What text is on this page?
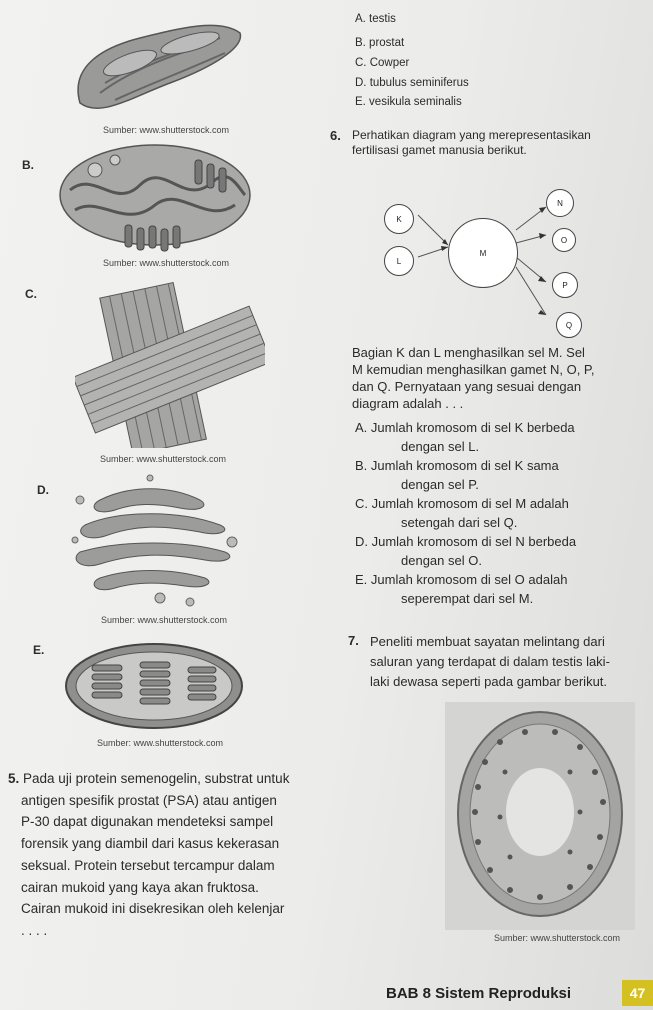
Sumber: www.shutterstock.com
B.
Sumber: www.shutterstock.com
C.
Sumber: www.shutterstock.com
D.
Sumber: www.shutterstock.com
E.
Sumber: www.shutterstock.com
A. testis
B. prostat
C. Cowper
D. tubulus seminiferus
E. vesikula seminalis
6. Perhatikan diagram yang merepresentasikan
fertilisasi gamet manusia berikut.
K
L
M
N
O
P
Q
Bagian K dan L menghasilkan sel M. Sel
M kemudian menghasilkan gamet N, O, P,
dan Q. Pernyataan yang sesuai dengan
diagram adalah . . .
A. Jumlah kromosom di sel K berbeda
dengan sel L.
B. Jumlah kromosom di sel K sama
dengan sel P.
C. Jumlah kromosom di sel M adalah
setengah dari sel Q.
D. Jumlah kromosom di sel N berbeda
dengan sel O.
E. Jumlah kromosom di sel O adalah
seperempat dari sel M.
7. Peneliti membuat sayatan melintang dari
saluran yang terdapat di dalam testis laki-
laki dewasa seperti pada gambar berikut.
Sumber: www.shutterstock.com
5. Pada uji protein semenogelin, substrat untuk
antigen spesifik prostat (PSA) atau antigen
P-30 dapat digunakan mendeteksi sampel
forensik yang diambil dari kasus kekerasan
seksual. Protein tersebut tercampur dalam
cairan mukoid yang kaya akan fruktosa.
Cairan mukoid ini disekresikan oleh kelenjar
. . . .
BAB 8 Sistem Reproduksi	47
